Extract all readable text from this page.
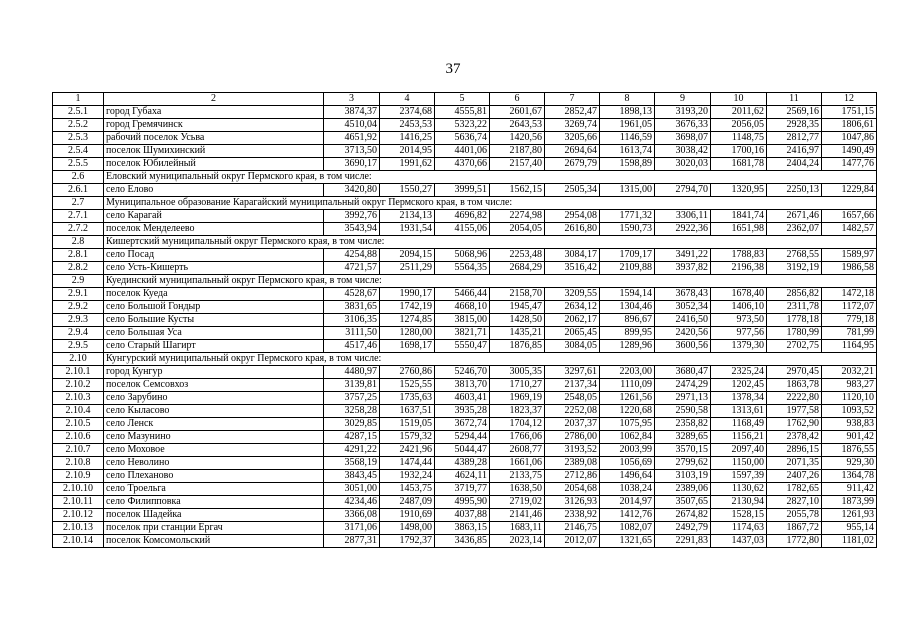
37
1	2	3	4	5	6	7	8	9	10	11	12
2.5.1	город Губаха	3874,37	2374,68	4555,81	2601,67	2852,47	1898,13	3193,20	2011,62	2569,16	1751,15
2.5.2	город Гремячинск	4510,04	2453,53	5323,22	2643,53	3269,74	1961,05	3676,33	2056,05	2928,35	1806,61
2.5.3	рабочий поселок Усьва	4651,92	1416,25	5636,74	1420,56	3205,66	1146,59	3698,07	1148,75	2812,77	1047,86
2.5.4	поселок Шумихинский	3713,50	2014,95	4401,06	2187,80	2694,64	1613,74	3038,42	1700,16	2416,97	1490,49
2.5.5	поселок Юбилейный	3690,17	1991,62	4370,66	2157,40	2679,79	1598,89	3020,03	1681,78	2404,24	1477,76
2.6	Еловский муниципальный округ Пермского края, в том числе:										
2.6.1	село Елово	3420,80	1550,27	3999,51	1562,15	2505,34	1315,00	2794,70	1320,95	2250,13	1229,84
2.7	Муниципальное образование Карагайский муниципальный округ Пермского края, в том числе:										
2.7.1	село Карагай	3992,76	2134,13	4696,82	2274,98	2954,08	1771,32	3306,11	1841,74	2671,46	1657,66
2.7.2	поселок Менделеево	3543,94	1931,54	4155,06	2054,05	2616,80	1590,73	2922,36	1651,98	2362,07	1482,57
2.8	Кишертский муниципальный округ Пермского края, в том числе:										
2.8.1	село Посад	4254,88	2094,15	5068,96	2253,48	3084,17	1709,17	3491,22	1788,83	2768,55	1589,97
2.8.2	село Усть-Кишерть	4721,57	2511,29	5564,35	2684,29	3516,42	2109,88	3937,82	2196,38	3192,19	1986,58
2.9	Куединский муниципальный округ Пермского края, в том числе:										
2.9.1	поселок Куеда	4528,67	1990,17	5466,44	2158,70	3209,55	1594,14	3678,43	1678,40	2856,82	1472,18
2.9.2	село Большой Гондыр	3831,65	1742,19	4668,10	1945,47	2634,12	1304,46	3052,34	1406,10	2311,78	1172,07
2.9.3	село Большие Кусты	3106,35	1274,85	3815,00	1428,50	2062,17	896,67	2416,50	973,50	1778,18	779,18
2.9.4	село Большая Уса	3111,50	1280,00	3821,71	1435,21	2065,45	899,95	2420,56	977,56	1780,99	781,99
2.9.5	село Старый Шагирт	4517,46	1698,17	5550,47	1876,85	3084,05	1289,96	3600,56	1379,30	2702,75	1164,95
2.10	Кунгурский муниципальный округ Пермского края, в том числе:										
2.10.1	город Кунгур	4480,97	2760,86	5246,70	3005,35	3297,61	2203,00	3680,47	2325,24	2970,45	2032,21
2.10.2	поселок Семсовхоз	3139,81	1525,55	3813,70	1710,27	2137,34	1110,09	2474,29	1202,45	1863,78	983,27
2.10.3	село Зарубино	3757,25	1735,63	4603,41	1969,19	2548,05	1261,56	2971,13	1378,34	2222,80	1120,10
2.10.4	село Кыласово	3258,28	1637,51	3935,28	1823,37	2252,08	1220,68	2590,58	1313,61	1977,58	1093,52
2.10.5	село Ленск	3029,85	1519,05	3672,74	1704,12	2037,37	1075,95	2358,82	1168,49	1762,90	938,83
2.10.6	село Мазунино	4287,15	1579,32	5294,44	1766,06	2786,00	1062,84	3289,65	1156,21	2378,42	901,42
2.10.7	село Моховое	4291,22	2421,96	5044,47	2608,77	3193,52	2003,99	3570,15	2097,40	2896,15	1876,55
2.10.8	село Неволино	3568,19	1474,44	4389,28	1661,06	2389,08	1056,69	2799,62	1150,00	2071,35	929,30
2.10.9	село Плеханово	3843,45	1932,24	4624,11	2133,75	2712,86	1496,64	3103,19	1597,39	2407,26	1364,78
2.10.10	село Троельга	3051,00	1453,75	3719,77	1638,50	2054,68	1038,24	2389,06	1130,62	1782,65	911,42
2.10.11	село Филипповка	4234,46	2487,09	4995,90	2719,02	3126,93	2014,97	3507,65	2130,94	2827,10	1873,99
2.10.12	поселок Шадейка	3366,08	1910,69	4037,88	2141,46	2338,92	1412,76	2674,82	1528,15	2055,78	1261,93
2.10.13	поселок при станции Ергач	3171,06	1498,00	3863,15	1683,11	2146,75	1082,07	2492,79	1174,63	1867,72	955,14
2.10.14	поселок Комсомольский	2877,31	1792,37	3436,85	2023,14	2012,07	1321,65	2291,83	1437,03	1772,80	1181,02
